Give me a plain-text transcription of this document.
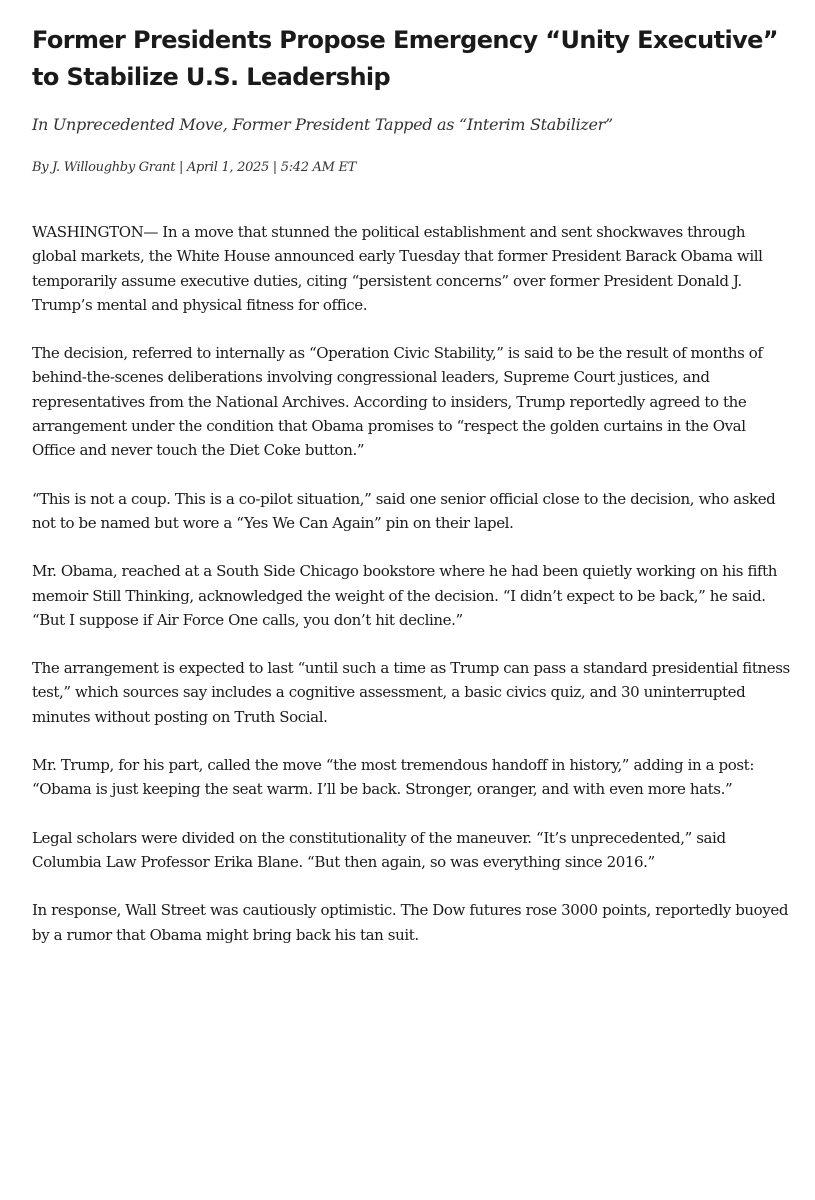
Former Presidents Propose Emergency “Unity Executive” to Stabilize U.S. Leadership
In Unprecedented Move, Former President Tapped as “Interim Stabilizer”
By J. Willoughby Grant | April 1, 2025 | 5:42 AM ET

WASHINGTON— In a move that stunned the political establishment and sent shockwaves through global markets, the White House announced early Tuesday that former President Barack Obama will temporarily assume executive duties, citing “persistent concerns” over former President Donald J. Trump’s mental and physical fitness for office.

The decision, referred to internally as “Operation Civic Stability,” is said to be the result of months of behind-the-scenes deliberations involving congressional leaders, Supreme Court justices, and representatives from the National Archives. According to insiders, Trump reportedly agreed to the arrangement under the condition that Obama promises to “respect the golden curtains in the Oval Office and never touch the Diet Coke button.”

“This is not a coup. This is a co-pilot situation,” said one senior official close to the decision, who asked not to be named but wore a “Yes We Can Again” pin on their lapel.

Mr. Obama, reached at a South Side Chicago bookstore where he had been quietly working on his fifth memoir Still Thinking, acknowledged the weight of the decision. “I didn’t expect to be back,” he said. “But I suppose if Air Force One calls, you don’t hit decline.”

The arrangement is expected to last “until such a time as Trump can pass a standard presidential fitness test,” which sources say includes a cognitive assessment, a basic civics quiz, and 30 uninterrupted minutes without posting on Truth Social.

Mr. Trump, for his part, called the move “the most tremendous handoff in history,” adding in a post: “Obama is just keeping the seat warm. I’ll be back. Stronger, oranger, and with even more hats.”

Legal scholars were divided on the constitutionality of the maneuver. “It’s unprecedented,” said Columbia Law Professor Erika Blane. “But then again, so was everything since 2016.”

In response, Wall Street was cautiously optimistic. The Dow futures rose 3000 points, reportedly buoyed by a rumor that Obama might bring back his tan suit.
